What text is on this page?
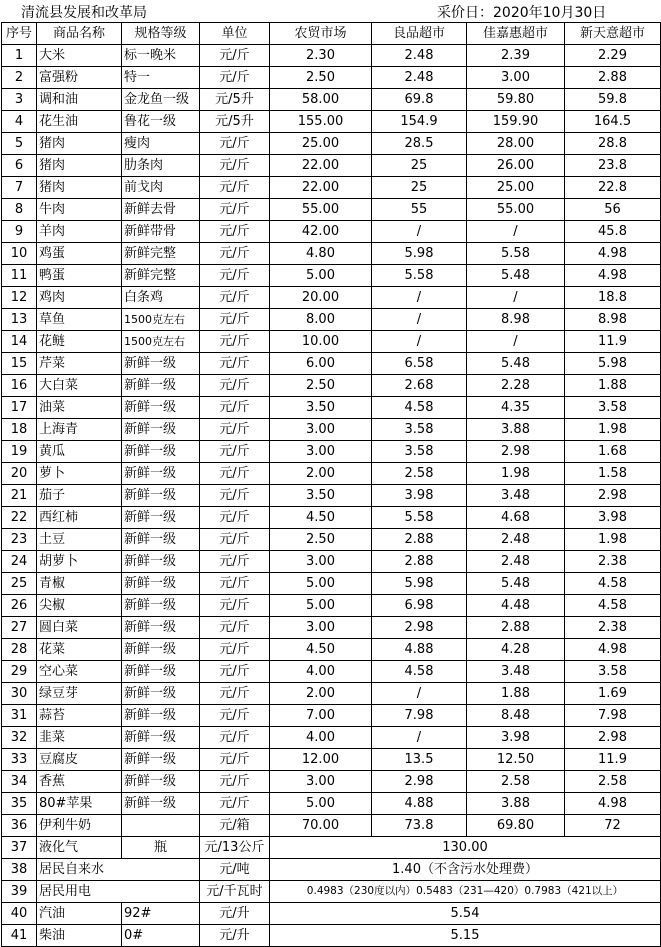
清流县发展和改革局	采价日：2020年10月30日
序号	商品名称	规格等级	单位	农贸市场	良品超市	佳嘉惠超市	新天意超市
1	大米	标一晚米	元/斤	2.30	2.48	2.39	2.29
2	富强粉	特一	元/斤	2.50	2.48	3.00	2.88
3	调和油	金龙鱼一级	元/5升	58.00	69.8	59.80	59.8
4	花生油	鲁花一级	元/5升	155.00	154.9	159.90	164.5
5	猪肉	瘦肉	元/斤	25.00	28.5	28.00	28.8
6	猪肉	肋条肉	元/斤	22.00	25	26.00	23.8
7	猪肉	前戈肉	元/斤	22.00	25	25.00	22.8
8	牛肉	新鲜去骨	元/斤	55.00	55	55.00	56
9	羊肉	新鲜带骨	元/斤	42.00	/	/	45.8
10	鸡蛋	新鲜完整	元/斤	4.80	5.98	5.58	4.98
11	鸭蛋	新鲜完整	元/斤	5.00	5.58	5.48	4.98
12	鸡肉	白条鸡	元/斤	20.00	/	/	18.8
13	草鱼	1500克左右	元/斤	8.00	/	8.98	8.98
14	花鲢	1500克左右	元/斤	10.00	/	/	11.9
15	芹菜	新鲜一级	元/斤	6.00	6.58	5.48	5.98
16	大白菜	新鲜一级	元/斤	2.50	2.68	2.28	1.88
17	油菜	新鲜一级	元/斤	3.50	4.58	4.35	3.58
18	上海青	新鲜一级	元/斤	3.00	3.58	3.88	1.98
19	黄瓜	新鲜一级	元/斤	3.00	3.58	2.98	1.68
20	萝卜	新鲜一级	元/斤	2.00	2.58	1.98	1.58
21	茄子	新鲜一级	元/斤	3.50	3.98	3.48	2.98
22	西红柿	新鲜一级	元/斤	4.50	5.58	4.68	3.98
23	土豆	新鲜一级	元/斤	2.50	2.88	2.48	1.98
24	胡萝卜	新鲜一级	元/斤	3.00	2.88	2.48	2.38
25	青椒	新鲜一级	元/斤	5.00	5.98	5.48	4.58
26	尖椒	新鲜一级	元/斤	5.00	6.98	4.48	4.58
27	圆白菜	新鲜一级	元/斤	3.00	2.98	2.88	2.38
28	花菜	新鲜一级	元/斤	4.50	4.88	4.28	4.98
29	空心菜	新鲜一级	元/斤	4.00	4.58	3.48	3.58
30	绿豆芽	新鲜一级	元/斤	2.00	/	1.88	1.69
31	蒜苔	新鲜一级	元/斤	7.00	7.98	8.48	7.98
32	韭菜	新鲜一级	元/斤	4.00	/	3.98	2.98
33	豆腐皮	新鲜一级	元/斤	12.00	13.5	12.50	11.9
34	香蕉	新鲜一级	元/斤	3.00	2.98	2.58	2.58
35	80#苹果	新鲜一级	元/斤	5.00	4.88	3.88	4.98
36	伊利牛奶		元/箱	70.00	73.8	69.80	72
37	液化气	瓶	元/13公斤	130.00			
38	居民自来水		元/吨	1.40（不含污水处理费）			
39	居民用电		元/千瓦时	0.4983（230度以内）0.5483（231—420）0.7983（421以上）			
40	汽油	92#	元/升	5.54			
41	柴油	0#	元/升	5.15			
